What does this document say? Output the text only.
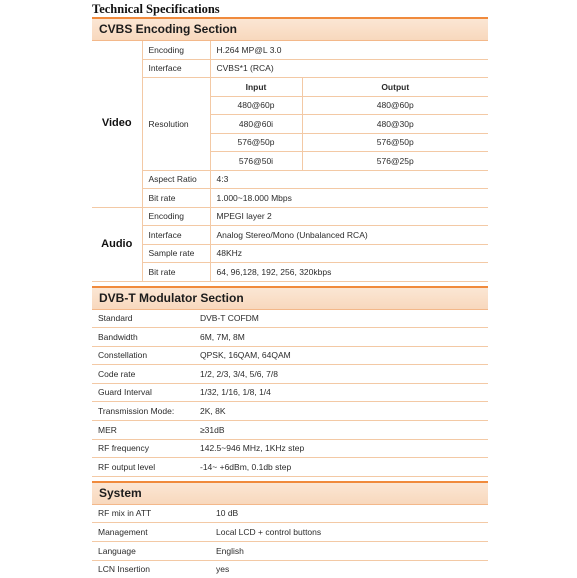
Technical Specifications
CVBS Encoding Section
Video	Encoding	H.264 MP@L 3.0	
	Interface	CVBS*1 (RCA)	
	Resolution	Input	Output
		480@60p	480@60p
		480@60i	480@30p
		576@50p	576@50p
		576@50i	576@25p
	Aspect Ratio	4:3	
	Bit rate	1.000~18.000 Mbps	
Audio	Encoding	MPEGI layer 2	
	Interface	Analog Stereo/Mono (Unbalanced RCA)	
	Sample rate	48KHz	
	Bit rate	64, 96,128, 192, 256, 320kbps	
DVB-T Modulator Section
Standard	DVB-T COFDM
Bandwidth	6M, 7M, 8M
Constellation	QPSK, 16QAM, 64QAM
Code rate	1/2, 2/3, 3/4, 5/6, 7/8
Guard Interval	1/32, 1/16, 1/8, 1/4
Transmission Mode:	2K, 8K
MER	≥31dB
RF frequency	142.5~946 MHz, 1KHz step
RF output level	-14~ +6dBm, 0.1db step
System
RF mix in ATT	10 dB
Management	Local LCD + control buttons
Language	English
LCN Insertion	yes
